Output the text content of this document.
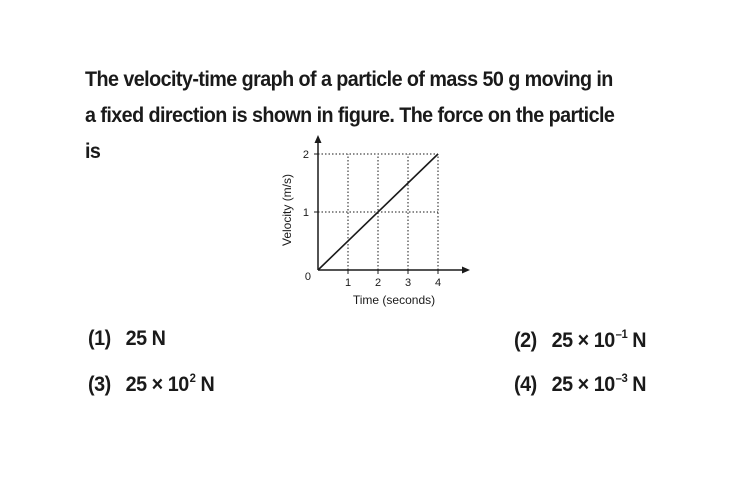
The velocity-time graph of a particle of mass 50 g moving in
a fixed direction is shown in figure. The force on the particle
is
1 2 3 4
1
2
0
Time (seconds)
Velocity (m/s)
(1) 25 N	(2) $25 \times 10^{-1}$ N
(3) $25 \times 10^2$ N	(4) $25 \times 10^{-3}$ N
